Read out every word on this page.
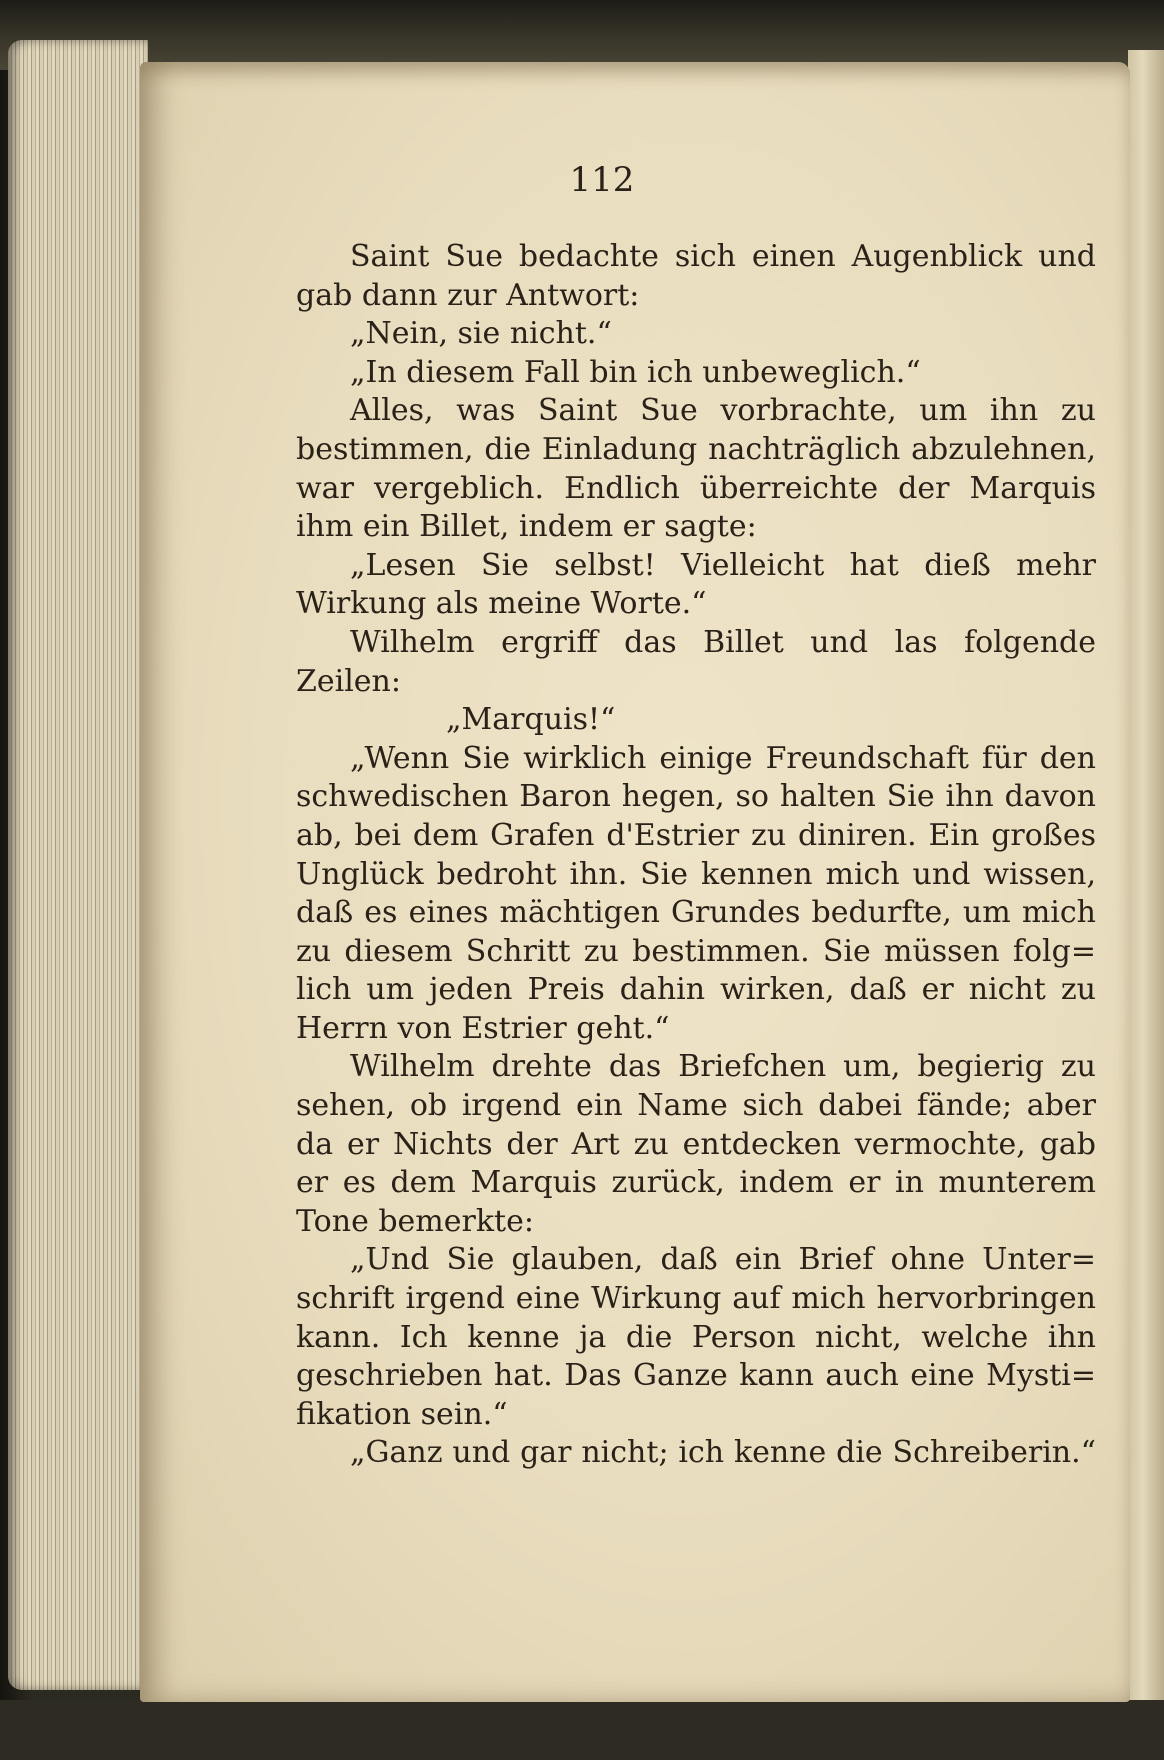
112
Saint Sue bedachte sich einen Augenblick und
gab dann zur Antwort:
„Nein, sie nicht.“
„In diesem Fall bin ich unbeweglich.“
Alles, was Saint Sue vorbrachte, um ihn zu
bestimmen, die Einladung nachträglich abzulehnen,
war vergeblich. Endlich überreichte der Marquis
ihm ein Billet, indem er sagte:
„Lesen Sie selbst! Vielleicht hat dieß mehr
Wirkung als meine Worte.“
Wilhelm ergriff das Billet und las folgende
Zeilen:
„Marquis!“
„Wenn Sie wirklich einige Freundschaft für den
schwedischen Baron hegen, so halten Sie ihn davon
ab, bei dem Grafen d'Estrier zu diniren. Ein großes
Unglück bedroht ihn. Sie kennen mich und wissen,
daß es eines mächtigen Grundes bedurfte, um mich
zu diesem Schritt zu bestimmen. Sie müssen folg=
lich um jeden Preis dahin wirken, daß er nicht zu
Herrn von Estrier geht.“
Wilhelm drehte das Briefchen um, begierig zu
sehen, ob irgend ein Name sich dabei fände; aber
da er Nichts der Art zu entdecken vermochte, gab
er es dem Marquis zurück, indem er in munterem
Tone bemerkte:
„Und Sie glauben, daß ein Brief ohne Unter=
schrift irgend eine Wirkung auf mich hervorbringen
kann. Ich kenne ja die Person nicht, welche ihn
geschrieben hat. Das Ganze kann auch eine Mysti=
fikation sein.“
„Ganz und gar nicht; ich kenne die Schreiberin.“
